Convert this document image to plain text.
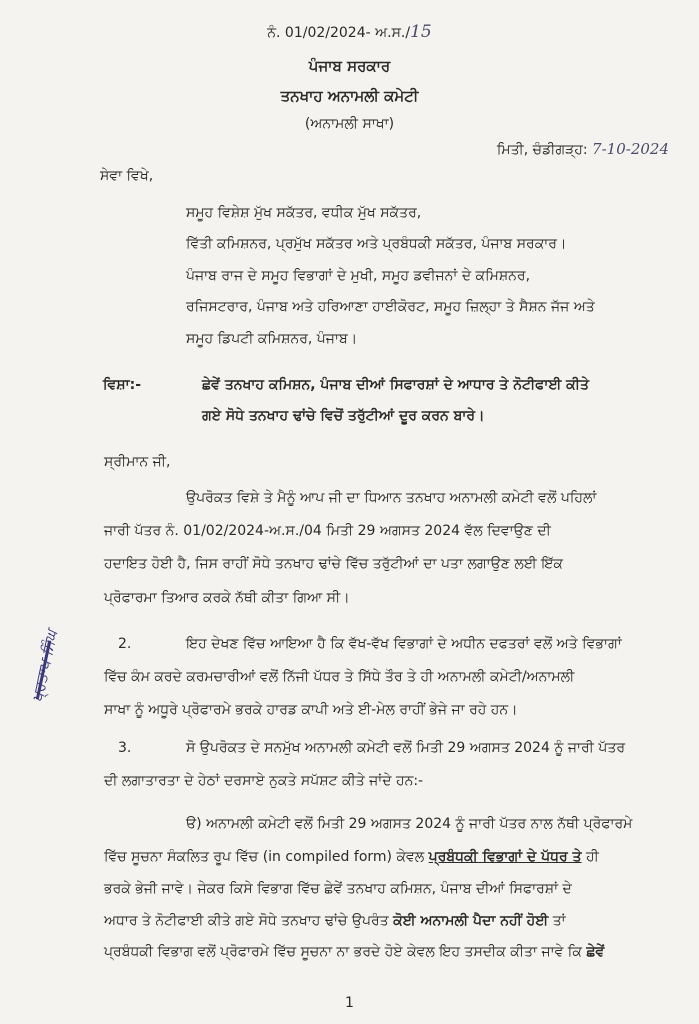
ਨੰ. 01/02/2024- ਅ.ਸ./15
ਪੰਜਾਬ ਸਰਕਾਰ
ਤਨਖਾਹ ਅਨਾਮਲੀ ਕਮੇਟੀ
(ਅਨਾਮਲੀ ਸਾਖਾ)
ਮਿਤੀ, ਚੰਡੀਗੜ੍ਹ: 7-10-2024
ਸੇਵਾ ਵਿਖੇ,
ਸਮੂਹ ਵਿਸ਼ੇਸ਼ ਮੁੱਖ ਸਕੱਤਰ, ਵਧੀਕ ਮੁੱਖ ਸਕੱਤਰ,
ਵਿੱਤੀ ਕਮਿਸ਼ਨਰ, ਪ੍ਰਮੁੱਖ ਸਕੱਤਰ ਅਤੇ ਪ੍ਰਬੰਧਕੀ ਸਕੱਤਰ, ਪੰਜਾਬ ਸਰਕਾਰ।
ਪੰਜਾਬ ਰਾਜ ਦੇ ਸਮੂਹ ਵਿਭਾਗਾਂ ਦੇ ਮੁਖੀ, ਸਮੂਹ ਡਵੀਜਨਾਂ ਦੇ ਕਮਿਸ਼ਨਰ,
ਰਜਿਸਟਰਾਰ, ਪੰਜਾਬ ਅਤੇ ਹਰਿਆਣਾ ਹਾਈਕੋਰਟ, ਸਮੂਹ ਜ਼ਿਲ੍ਹਾ ਤੇ ਸੈਸ਼ਨ ਜੱਜ ਅਤੇ
ਸਮੂਹ ਡਿਪਟੀ ਕਮਿਸ਼ਨਰ, ਪੰਜਾਬ।
ਵਿਸ਼ਾ:-	ਛੇਵੇਂ ਤਨਖਾਹ ਕਮਿਸ਼ਨ, ਪੰਜਾਬ ਦੀਆਂ ਸਿਫਾਰਸ਼ਾਂ ਦੇ ਆਧਾਰ ਤੇ ਨੋਟੀਫਾਈ ਕੀਤੇ
ਗਏ ਸੋਧੇ ਤਨਖਾਹ ਢਾਂਚੇ ਵਿਚੋਂ ਤਰੁੱਟੀਆਂ ਦੂਰ ਕਰਨ ਬਾਰੇ।
ਸ੍ਰੀਮਾਨ ਜੀ,
ਉਪਰੋਕਤ ਵਿਸ਼ੇ ਤੇ ਮੈਨੂੰ ਆਪ ਜੀ ਦਾ ਧਿਆਨ ਤਨਖਾਹ ਅਨਾਮਲੀ ਕਮੇਟੀ ਵਲੋਂ ਪਹਿਲਾਂ
ਜਾਰੀ ਪੱਤਰ ਨੰ. 01/02/2024-ਅ.ਸ./04 ਮਿਤੀ 29 ਅਗਸਤ 2024 ਵੱਲ ਦਿਵਾਉਣ ਦੀ
ਹਦਾਇਤ ਹੋਈ ਹੈ, ਜਿਸ ਰਾਹੀਂ ਸੋਧੇ ਤਨਖਾਹ ਢਾਂਚੇ ਵਿੱਚ ਤਰੁੱਟੀਆਂ ਦਾ ਪਤਾ ਲਗਾਉਣ ਲਈ ਇੱਕ
ਪ੍ਰੋਫਾਰਮਾ ਤਿਆਰ ਕਰਕੇ ਨੱਥੀ ਕੀਤਾ ਗਿਆ ਸੀ।
2.	ਇਹ ਦੇਖਣ ਵਿੱਚ ਆਇਆ ਹੈ ਕਿ ਵੱਖ-ਵੱਖ ਵਿਭਾਗਾਂ ਦੇ ਅਧੀਨ ਦਫਤਰਾਂ ਵਲੋਂ ਅਤੇ ਵਿਭਾਗਾਂ
ਵਿੱਚ ਕੰਮ ਕਰਦੇ ਕਰਮਚਾਰੀਆਂ ਵਲੋਂ ਨਿੱਜੀ ਪੱਧਰ ਤੇ ਸਿੱਧੇ ਤੌਰ ਤੇ ਹੀ ਅਨਾਮਲੀ ਕਮੇਟੀ/ਅਨਾਮਲੀ
ਸਾਖਾ ਨੂੰ ਅਧੂਰੇ ਪ੍ਰੋਫਾਰਮੇ ਭਰਕੇ ਹਾਰਡ ਕਾਪੀ ਅਤੇ ਈ-ਮੇਲ ਰਾਹੀਂ ਭੇਜੇ ਜਾ ਰਹੇ ਹਨ।
3.	ਸੋ ਉਪਰੋਕਤ ਦੇ ਸਨਮੁੱਖ ਅਨਾਮਲੀ ਕਮੇਟੀ ਵਲੋਂ ਮਿਤੀ 29 ਅਗਸਤ 2024 ਨੂੰ ਜਾਰੀ ਪੱਤਰ
ਦੀ ਲਗਾਤਾਰਤਾ ਦੇ ਹੇਠਾਂ ਦਰਸਾਏ ਨੁਕਤੇ ਸਪੱਸ਼ਟ ਕੀਤੇ ਜਾਂਦੇ ਹਨ:-
ੳ) ਅਨਾਮਲੀ ਕਮੇਟੀ ਵਲੋਂ ਮਿਤੀ 29 ਅਗਸਤ 2024 ਨੂੰ ਜਾਰੀ ਪੱਤਰ ਨਾਲ ਨੱਥੀ ਪ੍ਰੋਫਾਰਮੇ
ਵਿੱਚ ਸੂਚਨਾ ਸੰਕਲਿਤ ਰੂਪ ਵਿੱਚ (in compiled form) ਕੇਵਲ ਪ੍ਰਬੰਧਕੀ ਵਿਭਾਗਾਂ ਦੇ ਪੱਧਰ ਤੇ ਹੀ
ਭਰਕੇ ਭੇਜੀ ਜਾਵੇ। ਜੇਕਰ ਕਿਸੇ ਵਿਭਾਗ ਵਿੱਚ ਛੇਵੇਂ ਤਨਖਾਹ ਕਮਿਸ਼ਨ, ਪੰਜਾਬ ਦੀਆਂ ਸਿਫਾਰਸ਼ਾਂ ਦੇ
ਅਧਾਰ ਤੇ ਨੋਟੀਫਾਈ ਕੀਤੇ ਗਏ ਸੋਧੇ ਤਨਖਾਹ ਢਾਂਚੇ ਉਪਰੰਤ ਕੋਈ ਅਨਾਮਲੀ ਪੈਦਾ ਨਹੀਂ ਹੋਈ ਤਾਂ
ਪ੍ਰਬੰਧਕੀ ਵਿਭਾਗ ਵਲੋਂ ਪ੍ਰੋਫਾਰਮੇ ਵਿੱਚ ਸੂਚਨਾ ਨਾ ਭਰਦੇ ਹੋਏ ਕੇਵਲ ਇਹ ਤਸਦੀਕ ਕੀਤਾ ਜਾਵੇ ਕਿ ਛੇਵੇਂ
ਪ੍ਰਤਾਪ ਸਿੰਘ
1
